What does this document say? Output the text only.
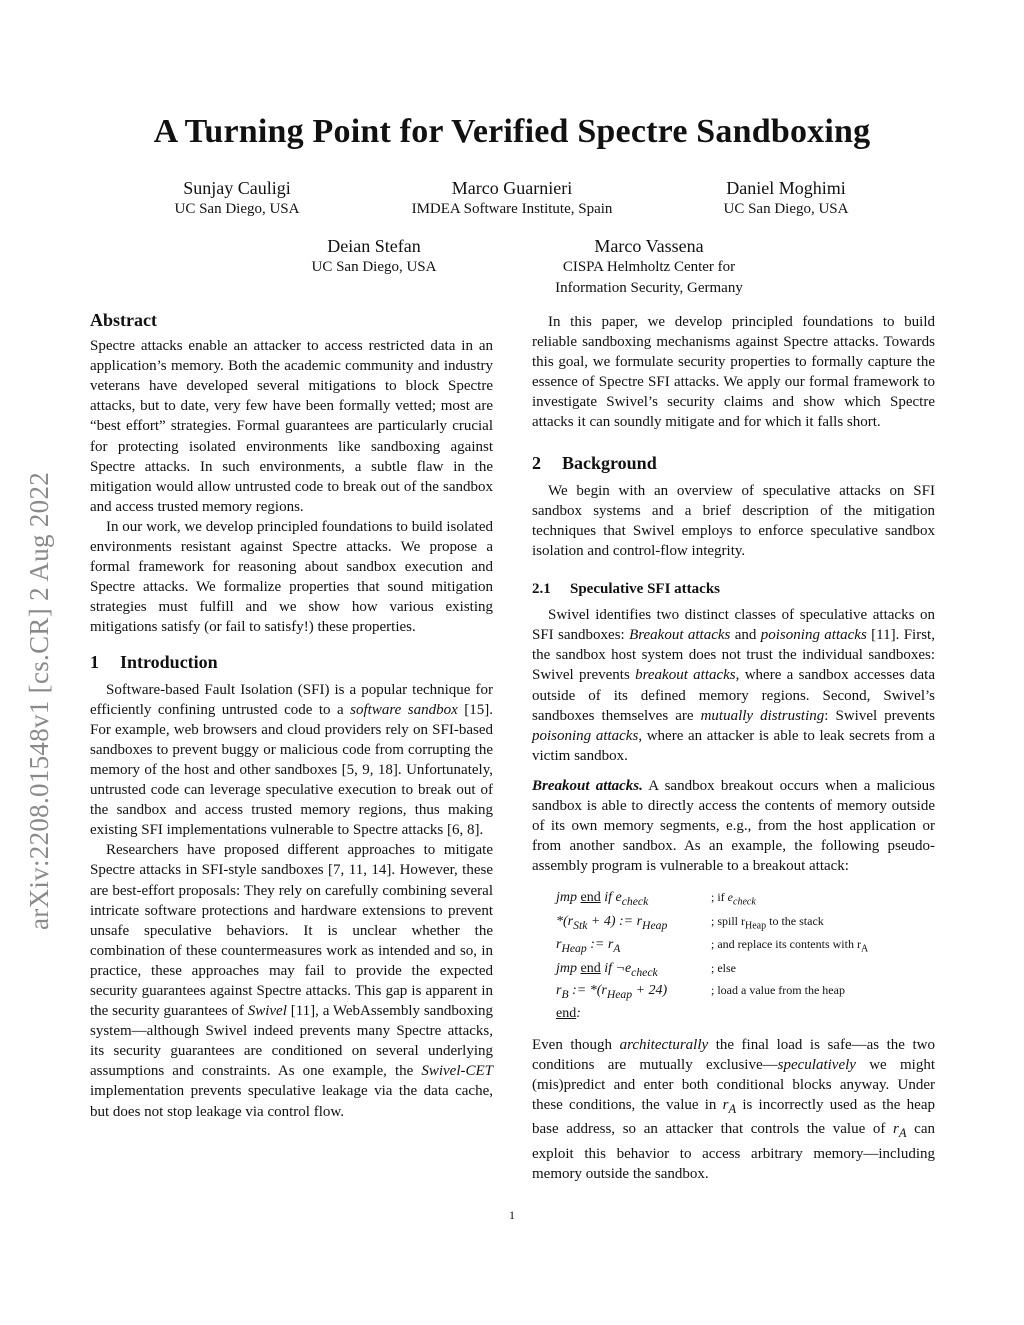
arXiv:2208.01548v1 [cs.CR] 2 Aug 2022
A Turning Point for Verified Spectre Sandboxing
Sunjay Cauligi
UC San Diego, USA
Marco Guarnieri
IMDEA Software Institute, Spain
Daniel Moghimi
UC San Diego, USA
Deian Stefan
UC San Diego, USA
Marco Vassena
CISPA Helmholtz Center for
Information Security, Germany
Abstract

Spectre attacks enable an attacker to access restricted data in an application’s memory. Both the academic community and industry veterans have developed several mitigations to block Spectre attacks, but to date, very few have been formally vetted; most are “best effort” strategies. Formal guarantees are particularly crucial for protecting isolated environments like sandboxing against Spectre attacks. In such environments, a subtle flaw in the mitigation would allow untrusted code to break out of the sandbox and access trusted memory regions.

In our work, we develop principled foundations to build isolated environments resistant against Spectre attacks. We propose a formal framework for reasoning about sandbox execution and Spectre attacks. We formalize properties that sound mitigation strategies must fulfill and we show how various existing mitigations satisfy (or fail to satisfy!) these properties.

1 Introduction

Software-based Fault Isolation (SFI) is a popular technique for efficiently confining untrusted code to a software sandbox [15]. For example, web browsers and cloud providers rely on SFI-based sandboxes to prevent buggy or malicious code from corrupting the memory of the host and other sandboxes [5, 9, 18]. Unfortunately, untrusted code can leverage speculative execution to break out of the sandbox and access trusted memory regions, thus making existing SFI implementations vulnerable to Spectre attacks [6, 8].

Researchers have proposed different approaches to mitigate Spectre attacks in SFI-style sandboxes [7, 11, 14]. However, these are best-effort proposals: They rely on carefully combining several intricate software protections and hardware extensions to prevent unsafe speculative behaviors. It is unclear whether the combination of these countermeasures work as intended and so, in practice, these approaches may fail to provide the expected security guarantees against Spectre attacks. This gap is apparent in the security guarantees of Swivel [11], a WebAssembly sandboxing system—although Swivel indeed prevents many Spectre attacks, its security guarantees are conditioned on several underlying assumptions and constraints. As one example, the Swivel-CET implementation prevents speculative leakage via the data cache, but does not stop leakage via control flow.

In this paper, we develop principled foundations to build reliable sandboxing mechanisms against Spectre attacks. Towards this goal, we formulate security properties to formally capture the essence of Spectre SFI attacks. We apply our formal framework to investigate Swivel’s security claims and show which Spectre attacks it can soundly mitigate and for which it falls short.

2 Background

We begin with an overview of speculative attacks on SFI sandbox systems and a brief description of the mitigation techniques that Swivel employs to enforce speculative sandbox isolation and control-flow integrity.

2.1 Speculative SFI attacks

Swivel identifies two distinct classes of speculative attacks on SFI sandboxes: Breakout attacks and poisoning attacks [11]. First, the sandbox host system does not trust the individual sandboxes: Swivel prevents breakout attacks, where a sandbox accesses data outside of its defined memory regions. Second, Swivel’s sandboxes themselves are mutually distrusting: Swivel prevents poisoning attacks, where an attacker is able to leak secrets from a victim sandbox.

Breakout attacks. A sandbox breakout occurs when a malicious sandbox is able to directly access the contents of memory outside of its own memory segments, e.g., from the host application or from another sandbox. As an example, the following pseudo-assembly program is vulnerable to a breakout attack:

jmp end if $e_{check}$	; if $e_{check}$
$*(r_{Stk} + 4)$ := $r_{Heap}$	; spill $r_{Heap}$ to the stack
$r_{Heap}$ := $r_A$	; and replace its contents with $r_A$
jmp end if $\neg e_{check}$	; else
$r_B$ := $*(r_{Heap} + 24)$	; load a value from the heap
end:

Even though architecturally the final load is safe—as the two conditions are mutually exclusive—speculatively we might (mis)predict and enter both conditional blocks anyway. Under these conditions, the value in $r_A$ is incorrectly used as the heap base address, so an attacker that controls the value of $r_A$ can exploit this behavior to access arbitrary memory—including memory outside the sandbox.

1
